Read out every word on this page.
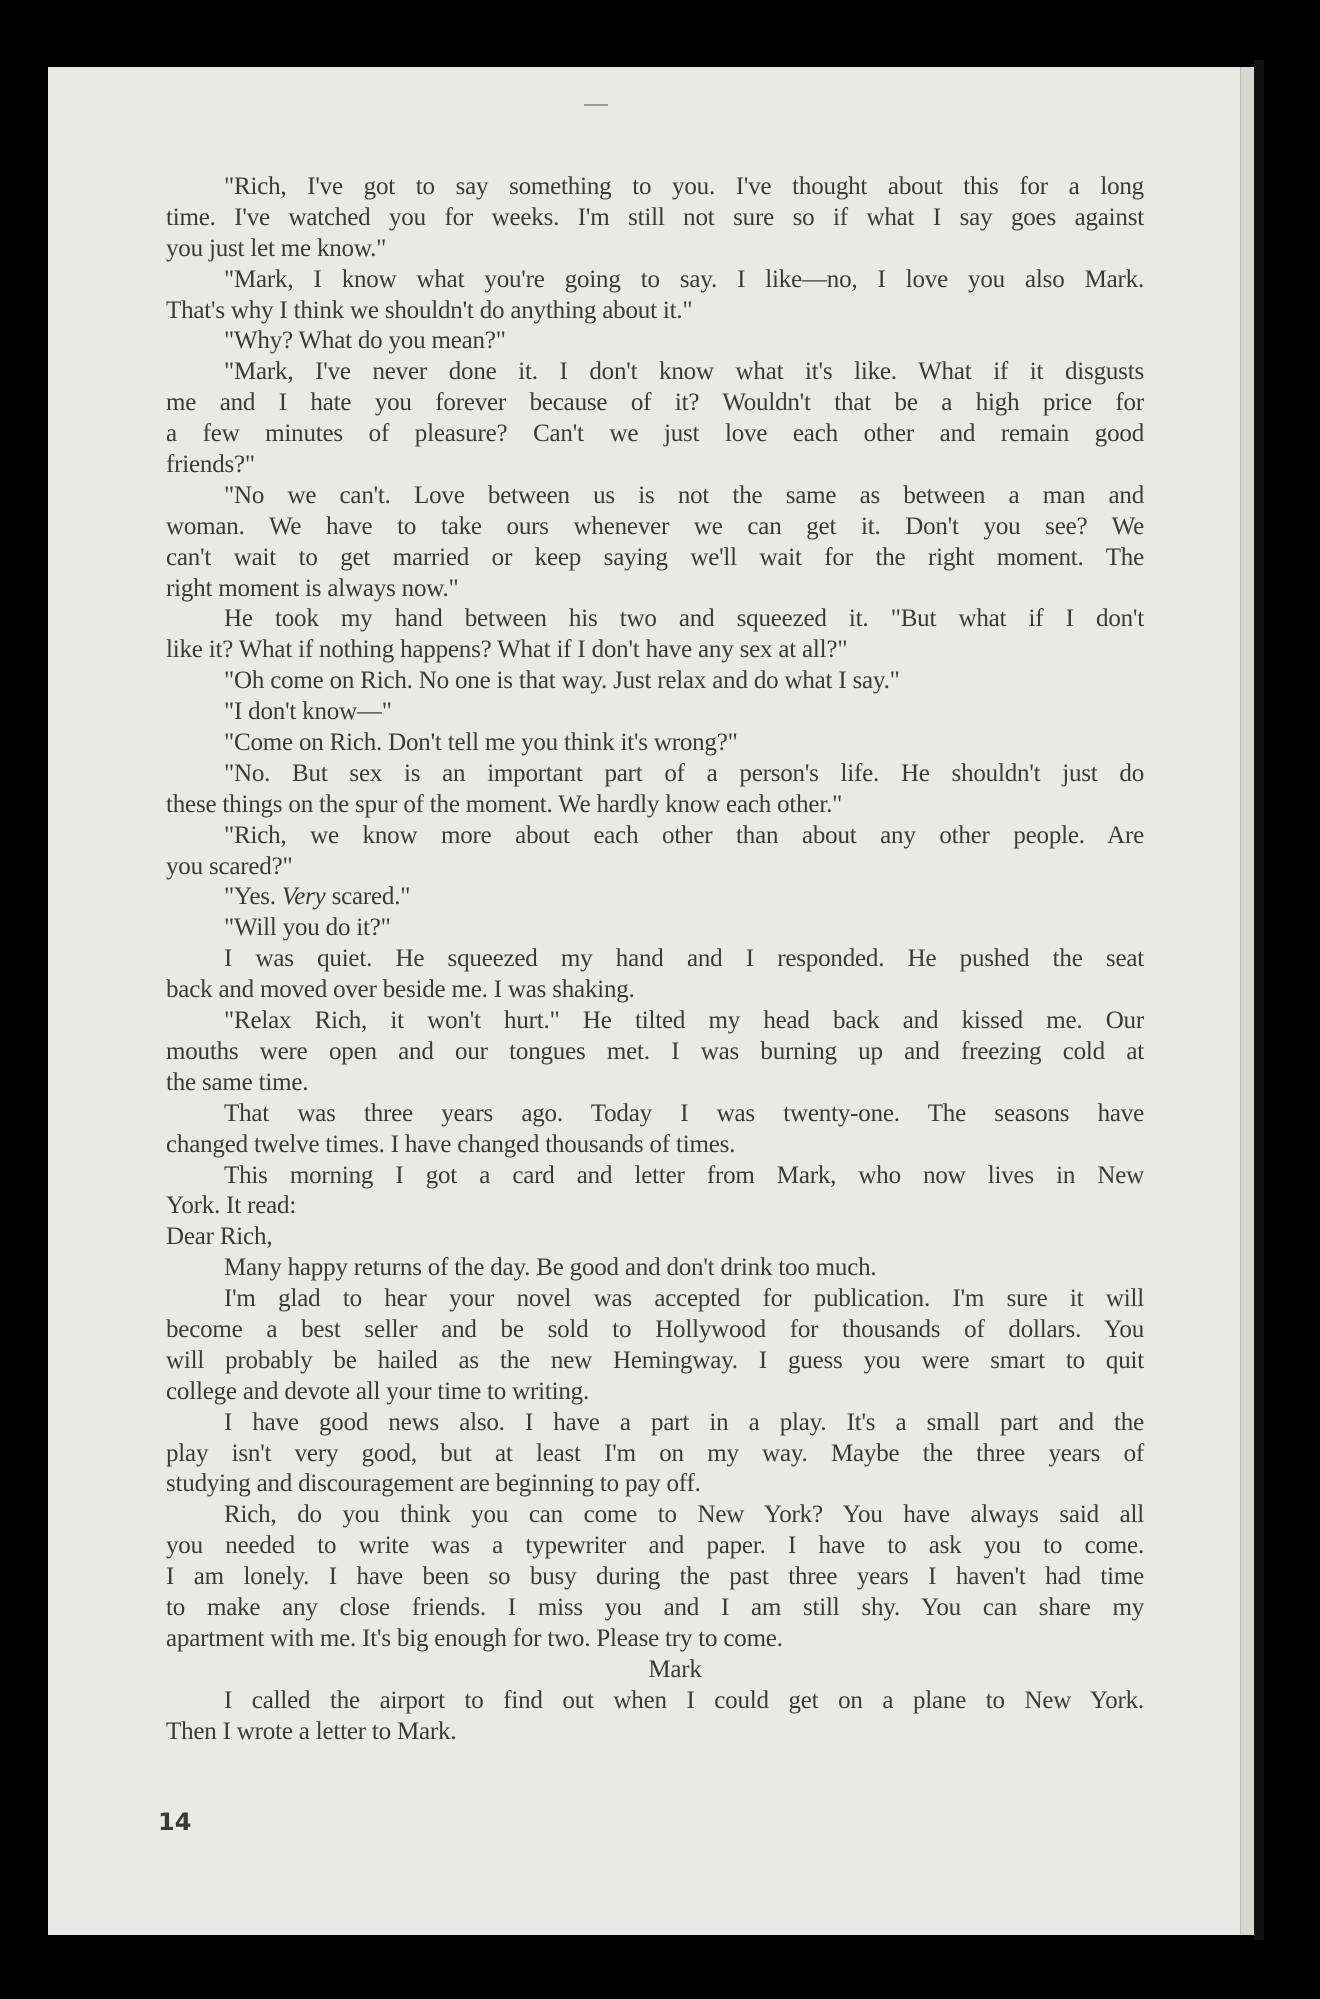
"Rich, I've got to say something to you. I've thought about this for a long
time. I've watched you for weeks. I'm still not sure so if what I say goes against
you just let me know."
"Mark, I know what you're going to say. I like—no, I love you also Mark.
That's why I think we shouldn't do anything about it."
"Why? What do you mean?"
"Mark, I've never done it. I don't know what it's like. What if it disgusts
me and I hate you forever because of it? Wouldn't that be a high price for
a few minutes of pleasure? Can't we just love each other and remain good
friends?"
"No we can't. Love between us is not the same as between a man and
woman. We have to take ours whenever we can get it. Don't you see? We
can't wait to get married or keep saying we'll wait for the right moment. The
right moment is always now."
He took my hand between his two and squeezed it. "But what if I don't
like it? What if nothing happens? What if I don't have any sex at all?"
"Oh come on Rich. No one is that way. Just relax and do what I say."
"I don't know—"
"Come on Rich. Don't tell me you think it's wrong?"
"No. But sex is an important part of a person's life. He shouldn't just do
these things on the spur of the moment. We hardly know each other."
"Rich, we know more about each other than about any other people. Are
you scared?"
"Yes. Very scared."
"Will you do it?"
I was quiet. He squeezed my hand and I responded. He pushed the seat
back and moved over beside me. I was shaking.
"Relax Rich, it won't hurt." He tilted my head back and kissed me. Our
mouths were open and our tongues met. I was burning up and freezing cold at
the same time.
That was three years ago. Today I was twenty-one. The seasons have
changed twelve times. I have changed thousands of times.
This morning I got a card and letter from Mark, who now lives in New
York. It read:
Dear Rich,
Many happy returns of the day. Be good and don't drink too much.
I'm glad to hear your novel was accepted for publication. I'm sure it will
become a best seller and be sold to Hollywood for thousands of dollars. You
will probably be hailed as the new Hemingway. I guess you were smart to quit
college and devote all your time to writing.
I have good news also. I have a part in a play. It's a small part and the
play isn't very good, but at least I'm on my way. Maybe the three years of
studying and discouragement are beginning to pay off.
Rich, do you think you can come to New York? You have always said all
you needed to write was a typewriter and paper. I have to ask you to come.
I am lonely. I have been so busy during the past three years I haven't had time
to make any close friends. I miss you and I am still shy. You can share my
apartment with me. It's big enough for two. Please try to come.
Mark
I called the airport to find out when I could get on a plane to New York.
Then I wrote a letter to Mark.
14
